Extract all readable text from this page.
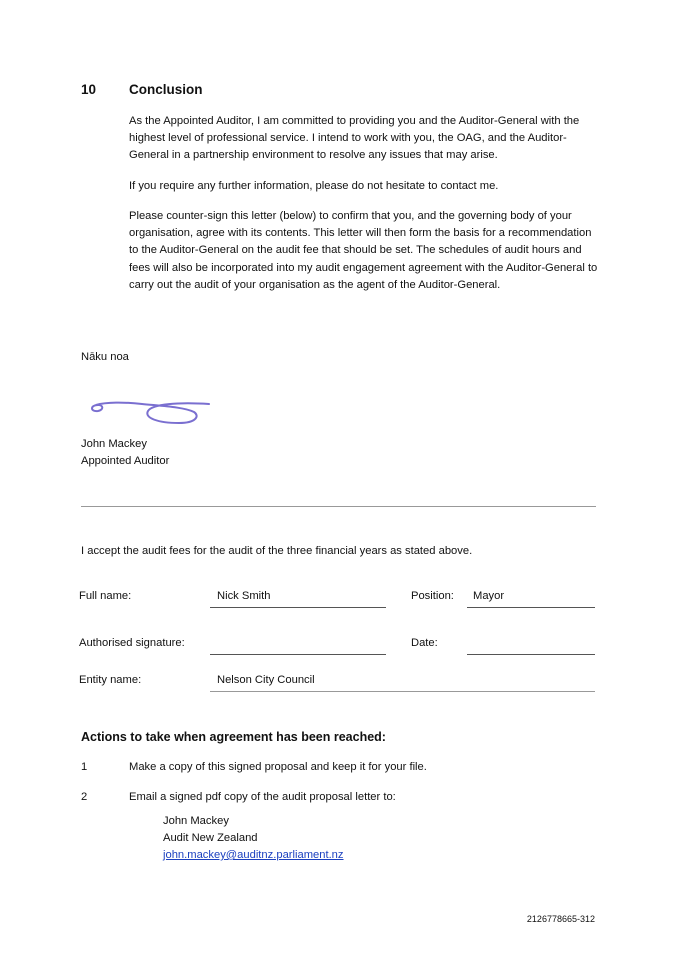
10 Conclusion
As the Appointed Auditor, I am committed to providing you and the Auditor-General with the highest level of professional service. I intend to work with you, the OAG, and the Auditor-General in a partnership environment to resolve any issues that may arise.
If you require any further information, please do not hesitate to contact me.
Please counter-sign this letter (below) to confirm that you, and the governing body of your organisation, agree with its contents. This letter will then form the basis for a recommendation to the Auditor-General on the audit fee that should be set. The schedules of audit hours and fees will also be incorporated into my audit engagement agreement with the Auditor-General to carry out the audit of your organisation as the agent of the Auditor-General.
Nāku noa
John Mackey
Appointed Auditor
I accept the audit fees for the audit of the three financial years as stated above.
Full name:	Nick Smith	Position: Mayor
Authorised signature:	Date:
Entity name:	Nelson City Council
Actions to take when agreement has been reached:
1	Make a copy of this signed proposal and keep it for your file.
2	Email a signed pdf copy of the audit proposal letter to:
John Mackey
Audit New Zealand
john.mackey@auditnz.parliament.nz
2126778665-312
